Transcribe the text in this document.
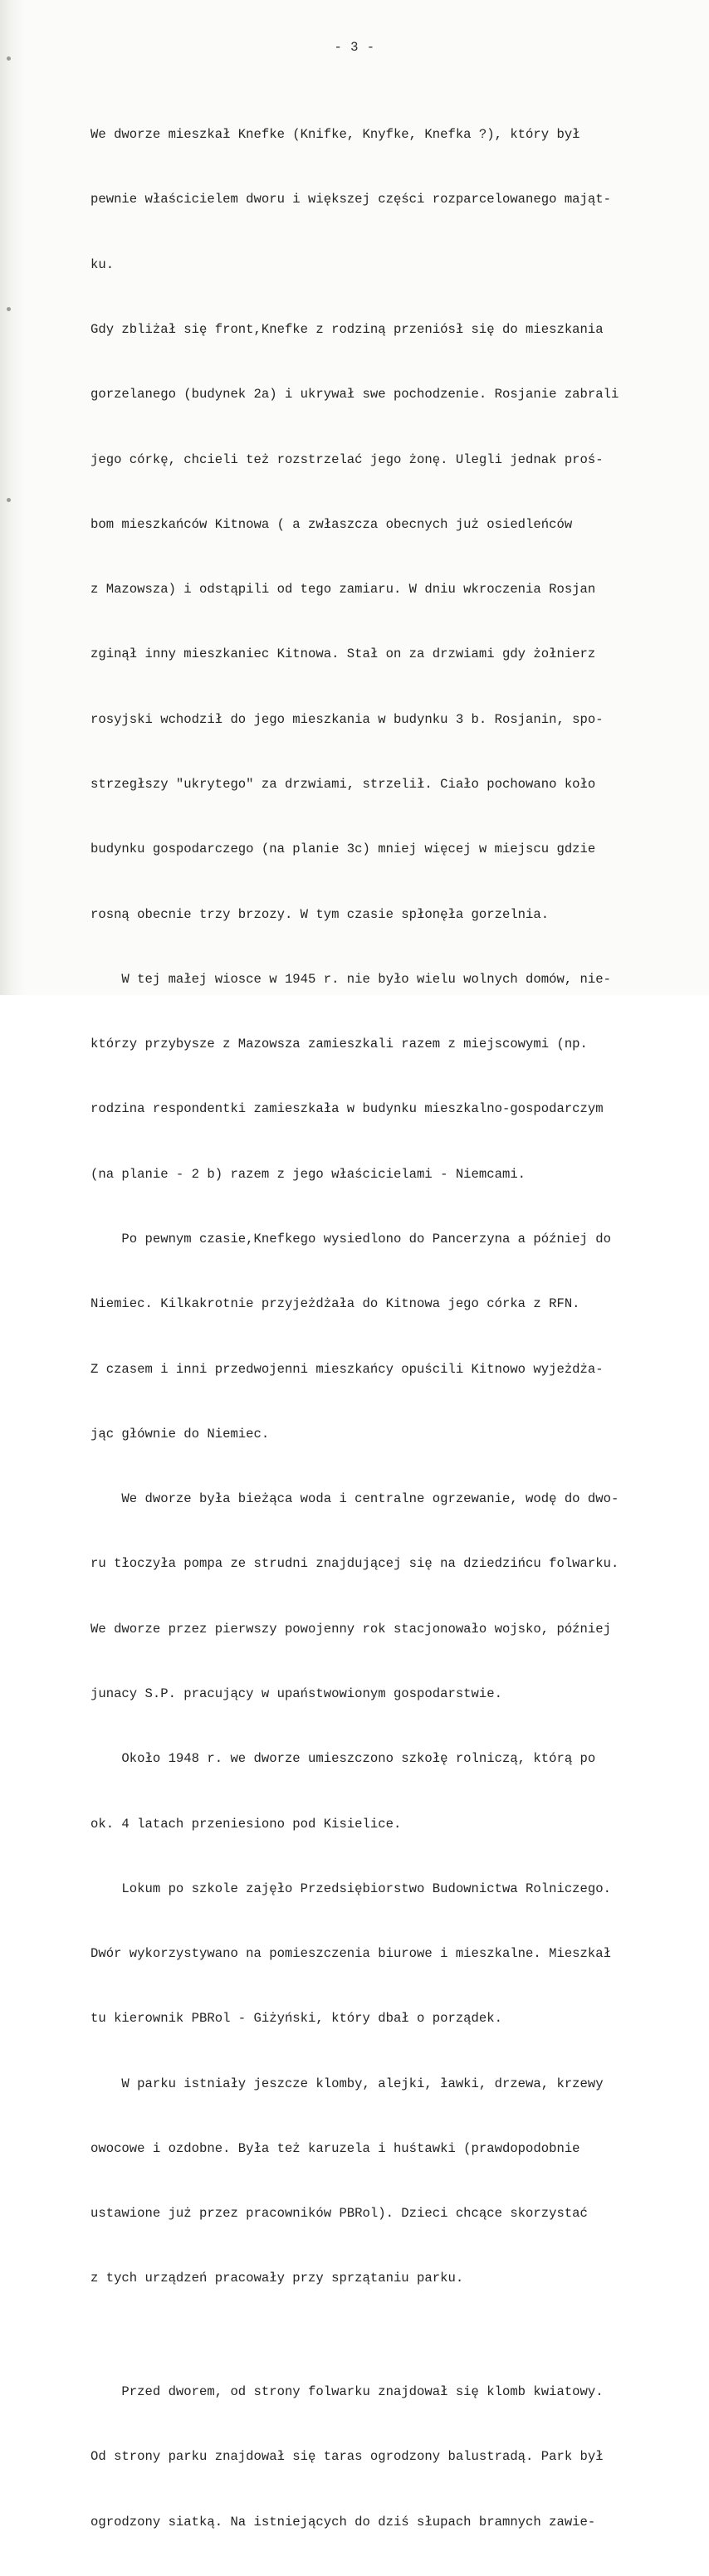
- 3 -

We dworze mieszkał Knefke (Knifke, Knyfke, Knefka ?), który był

pewnie właścicielem dworu i większej części rozparcelowanego mająt-

ku.

Gdy zbliżał się front,Knefke z rodziną przeniósł się do mieszkania

gorzelanego (budynek 2a) i ukrywał swe pochodzenie. Rosjanie zabrali

jego córkę, chcieli też rozstrzelać jego żonę. Ulegli jednak proś-

bom mieszkańców Kitnowa ( a zwłaszcza obecnych już osiedleńców

z Mazowsza) i odstąpili od tego zamiaru. W dniu wkroczenia Rosjan

zginął inny mieszkaniec Kitnowa. Stał on za drzwiami gdy żołnierz

rosyjski wchodził do jego mieszkania w budynku 3 b. Rosjanin, spo-

strzegłszy "ukrytego" za drzwiami, strzelił. Ciało pochowano koło

budynku gospodarczego (na planie 3c) mniej więcej w miejscu gdzie

rosną obecnie trzy brzozy. W tym czasie spłonęła gorzelnia.

W tej małej wiosce w 1945 r. nie było wielu wolnych domów, nie-

którzy przybysze z Mazowsza zamieszkali razem z miejscowymi (np.

rodzina respondentki zamieszkała w budynku mieszkalno-gospodarczym

(na planie - 2 b) razem z jego właścicielami - Niemcami.

Po pewnym czasie,Knefkego wysiedlono do Pancerzyna a później do

Niemiec. Kilkakrotnie przyjeżdżała do Kitnowa jego córka z RFN.

Z czasem i inni przedwojenni mieszkańcy opuścili Kitnowo wyjeżdża-

jąc głównie do Niemiec.

We dworze była bieżąca woda i centralne ogrzewanie, wodę do dwo-

ru tłoczyła pompa ze strudni znajdującej się na dziedzińcu folwarku.

We dworze przez pierwszy powojenny rok stacjonowało wojsko, później

junacy S.P. pracujący w upaństwowionym gospodarstwie.

Około 1948 r. we dworze umieszczono szkołę rolniczą, którą po

ok. 4 latach przeniesiono pod Kisielice.

Lokum po szkole zajęło Przedsiębiorstwo Budownictwa Rolniczego.

Dwór wykorzystywano na pomieszczenia biurowe i mieszkalne. Mieszkał

tu kierownik PBRol - Giżyński, który dbał o porządek.

W parku istniały jeszcze klomby, alejki, ławki, drzewa, krzewy

owocowe i ozdobne. Była też karuzela i huśtawki (prawdopodobnie

ustawione już przez pracowników PBRol). Dzieci chcące skorzystać

z tych urządzeń pracowały przy sprzątaniu parku.

Przed dworem, od strony folwarku znajdował się klomb kwiatowy.

Od strony parku znajdował się taras ogrodzony balustradą. Park był

ogrodzony siatką. Na istniejących do dziś słupach bramnych zawie-
